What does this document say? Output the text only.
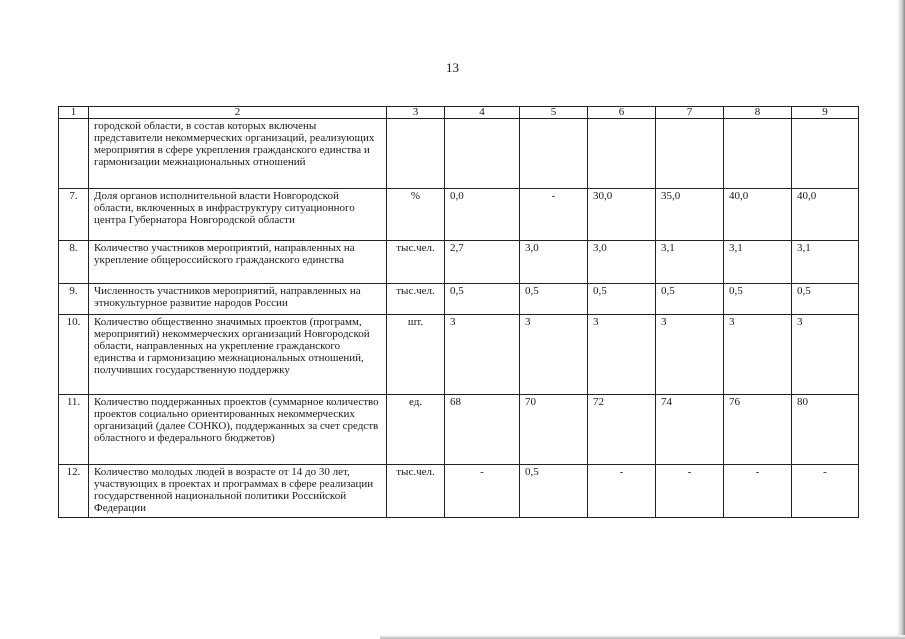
13
1	2	3	4	5	6	7	8	9
	городской области, в состав которых включены представители некоммерческих организаций, реализующих мероприятия в сфере укрепления гражданского единства и гармонизации межнациональных отношений							
7.	Доля органов исполнительной власти Новгородской области, включенных в инфраструктуру ситуационного центра Губернатора Новгородской области	%	0,0	-	30,0	35,0	40,0	40,0
8.	Количество участников мероприятий, направленных на укрепление общероссийского гражданского единства	тыс.чел.	2,7	3,0	3,0	3,1	3,1	3,1
9.	Численность участников мероприятий, направленных на этнокультурное развитие народов России	тыс.чел.	0,5	0,5	0,5	0,5	0,5	0,5
10.	Количество общественно значимых проектов (программ, мероприятий) некоммерческих организаций Новгородской области, направленных на укрепление гражданского единства и гармонизацию межнациональных отношений, получивших государственную поддержку	шт.	3	3	3	3	3	3
11.	Количество поддержанных проектов (суммарное количество проектов социально ориентированных некоммерческих организаций (далее СОНКО), поддержанных за счет средств областного и федерального бюджетов)	ед.	68	70	72	74	76	80
12.	Количество молодых людей в возрасте от 14 до 30 лет, участвующих в проектах и программах в сфере реализации государственной национальной политики Российской Федерации	тыс.чел.	-	0,5	-	-	-	-
